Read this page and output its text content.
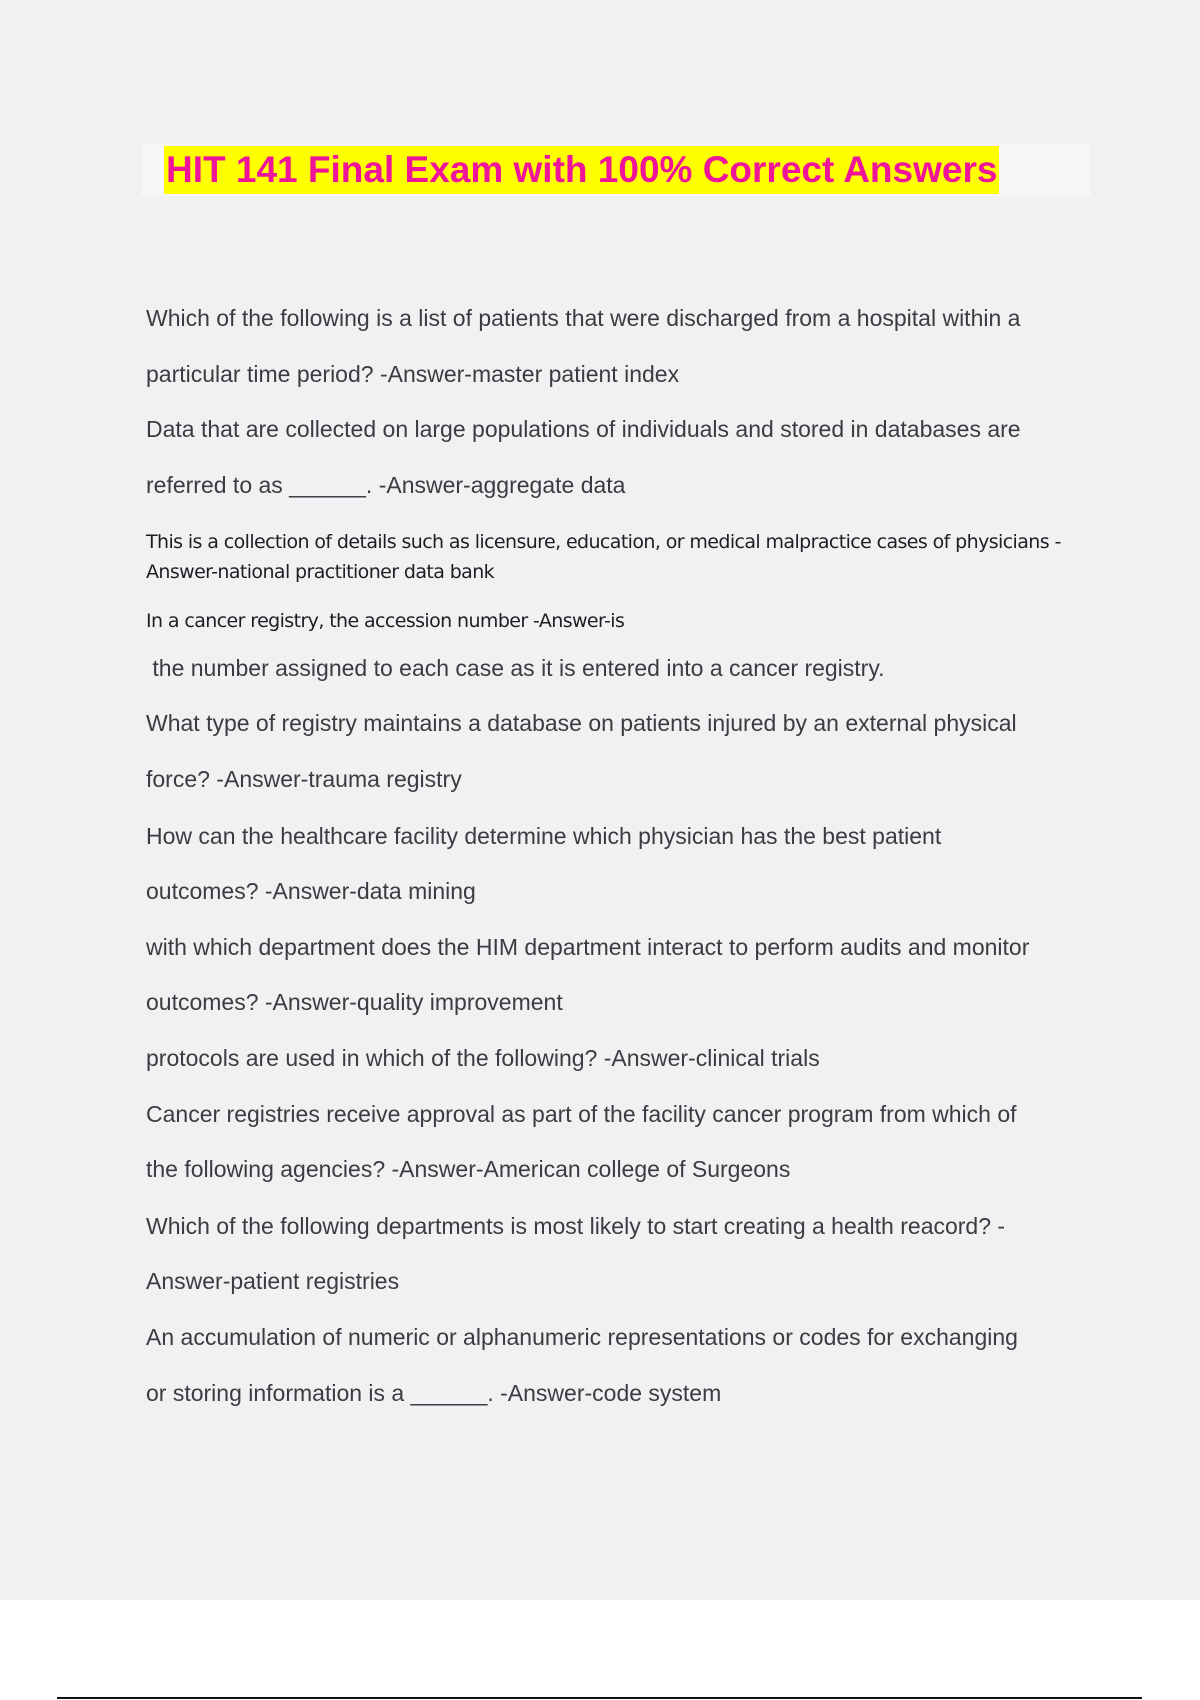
HIT 141 Final Exam with 100% Correct Answers
Which of the following is a list of patients that were discharged from a hospital within a
particular time period? -Answer-master patient index
Data that are collected on large populations of individuals and stored in databases are
referred to as ______. -Answer-aggregate data
This is a collection of details such as licensure, education, or medical malpractice cases of physicians -
Answer-national practitioner data bank
In a cancer registry, the accession number -Answer-is
the number assigned to each case as it is entered into a cancer registry.
What type of registry maintains a database on patients injured by an external physical
force? -Answer-trauma registry
How can the healthcare facility determine which physician has the best patient
outcomes? -Answer-data mining
with which department does the HIM department interact to perform audits and monitor
outcomes? -Answer-quality improvement
protocols are used in which of the following? -Answer-clinical trials
Cancer registries receive approval as part of the facility cancer program from which of
the following agencies? -Answer-American college of Surgeons
Which of the following departments is most likely to start creating a health reacord? -
Answer-patient registries
An accumulation of numeric or alphanumeric representations or codes for exchanging
or storing information is a ______. -Answer-code system
